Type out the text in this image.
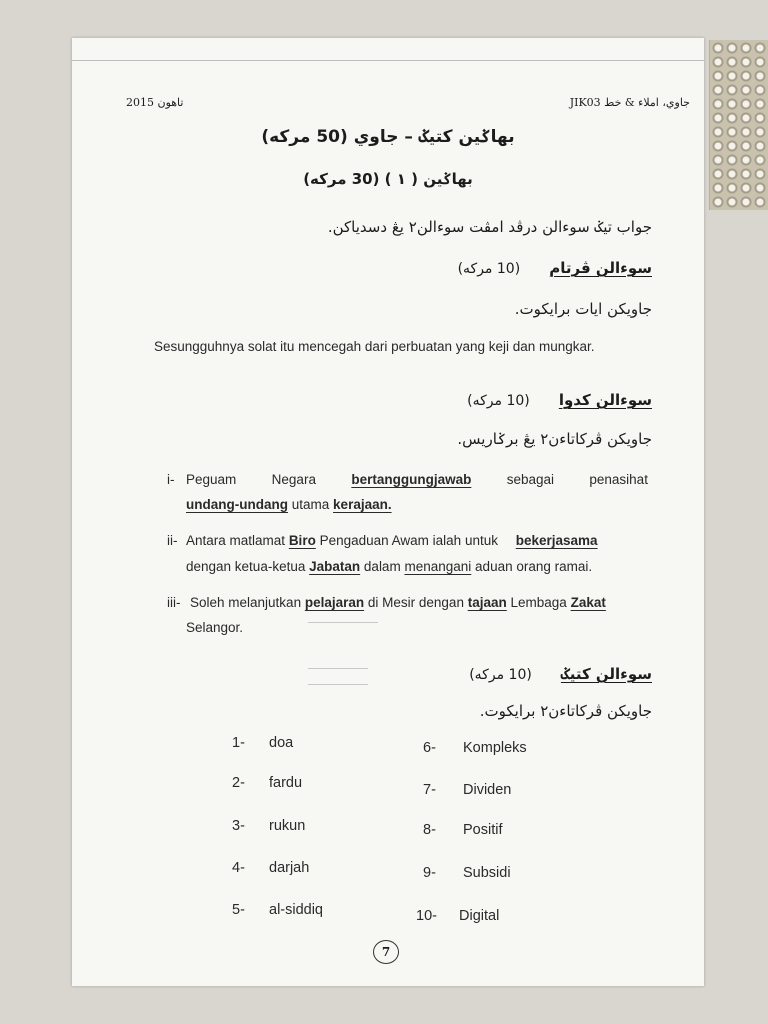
تاهون 2015	JIK03 جاوي، املاء & خط
بهاݢين كتيݢ – جاوي (50 مركه)
بهاݢين ( ١ ) (30 مركه)
جواب تيݢ سوءالن درڤد امڤت سوءالن٢ يڠ دسدياكن.
سوءالن ڤرتام (10 مركه)
جاويكن ايات برايكوت.
Sesungguhnya solat itu mencegah dari perbuatan yang keji dan mungkar.
سوءالن كدوا (10 مركه)
جاويكن ڤركاتاءن٢ يڠ برݢاريس.
i- Peguam	Negara	bertanggungjawab	sebagai	penasihat
undang-undang utama kerajaan.
ii- Antara matlamat Biro Pengaduan Awam ialah untuk bekerjasama
dengan ketua-ketua Jabatan dalam menangani aduan orang ramai.
iii- Soleh melanjutkan pelajaran di Mesir dengan tajaan Lembaga Zakat
Selangor.
سوءالن كتيݢ (10 مركه)
جاويكن ڤركاتاءن٢ برايكوت.
1- doa
2- fardu
3- rukun
4- darjah
5- al-siddiq
6- Kompleks
7- Dividen
8- Positif
9- Subsidi
10- Digital
7
